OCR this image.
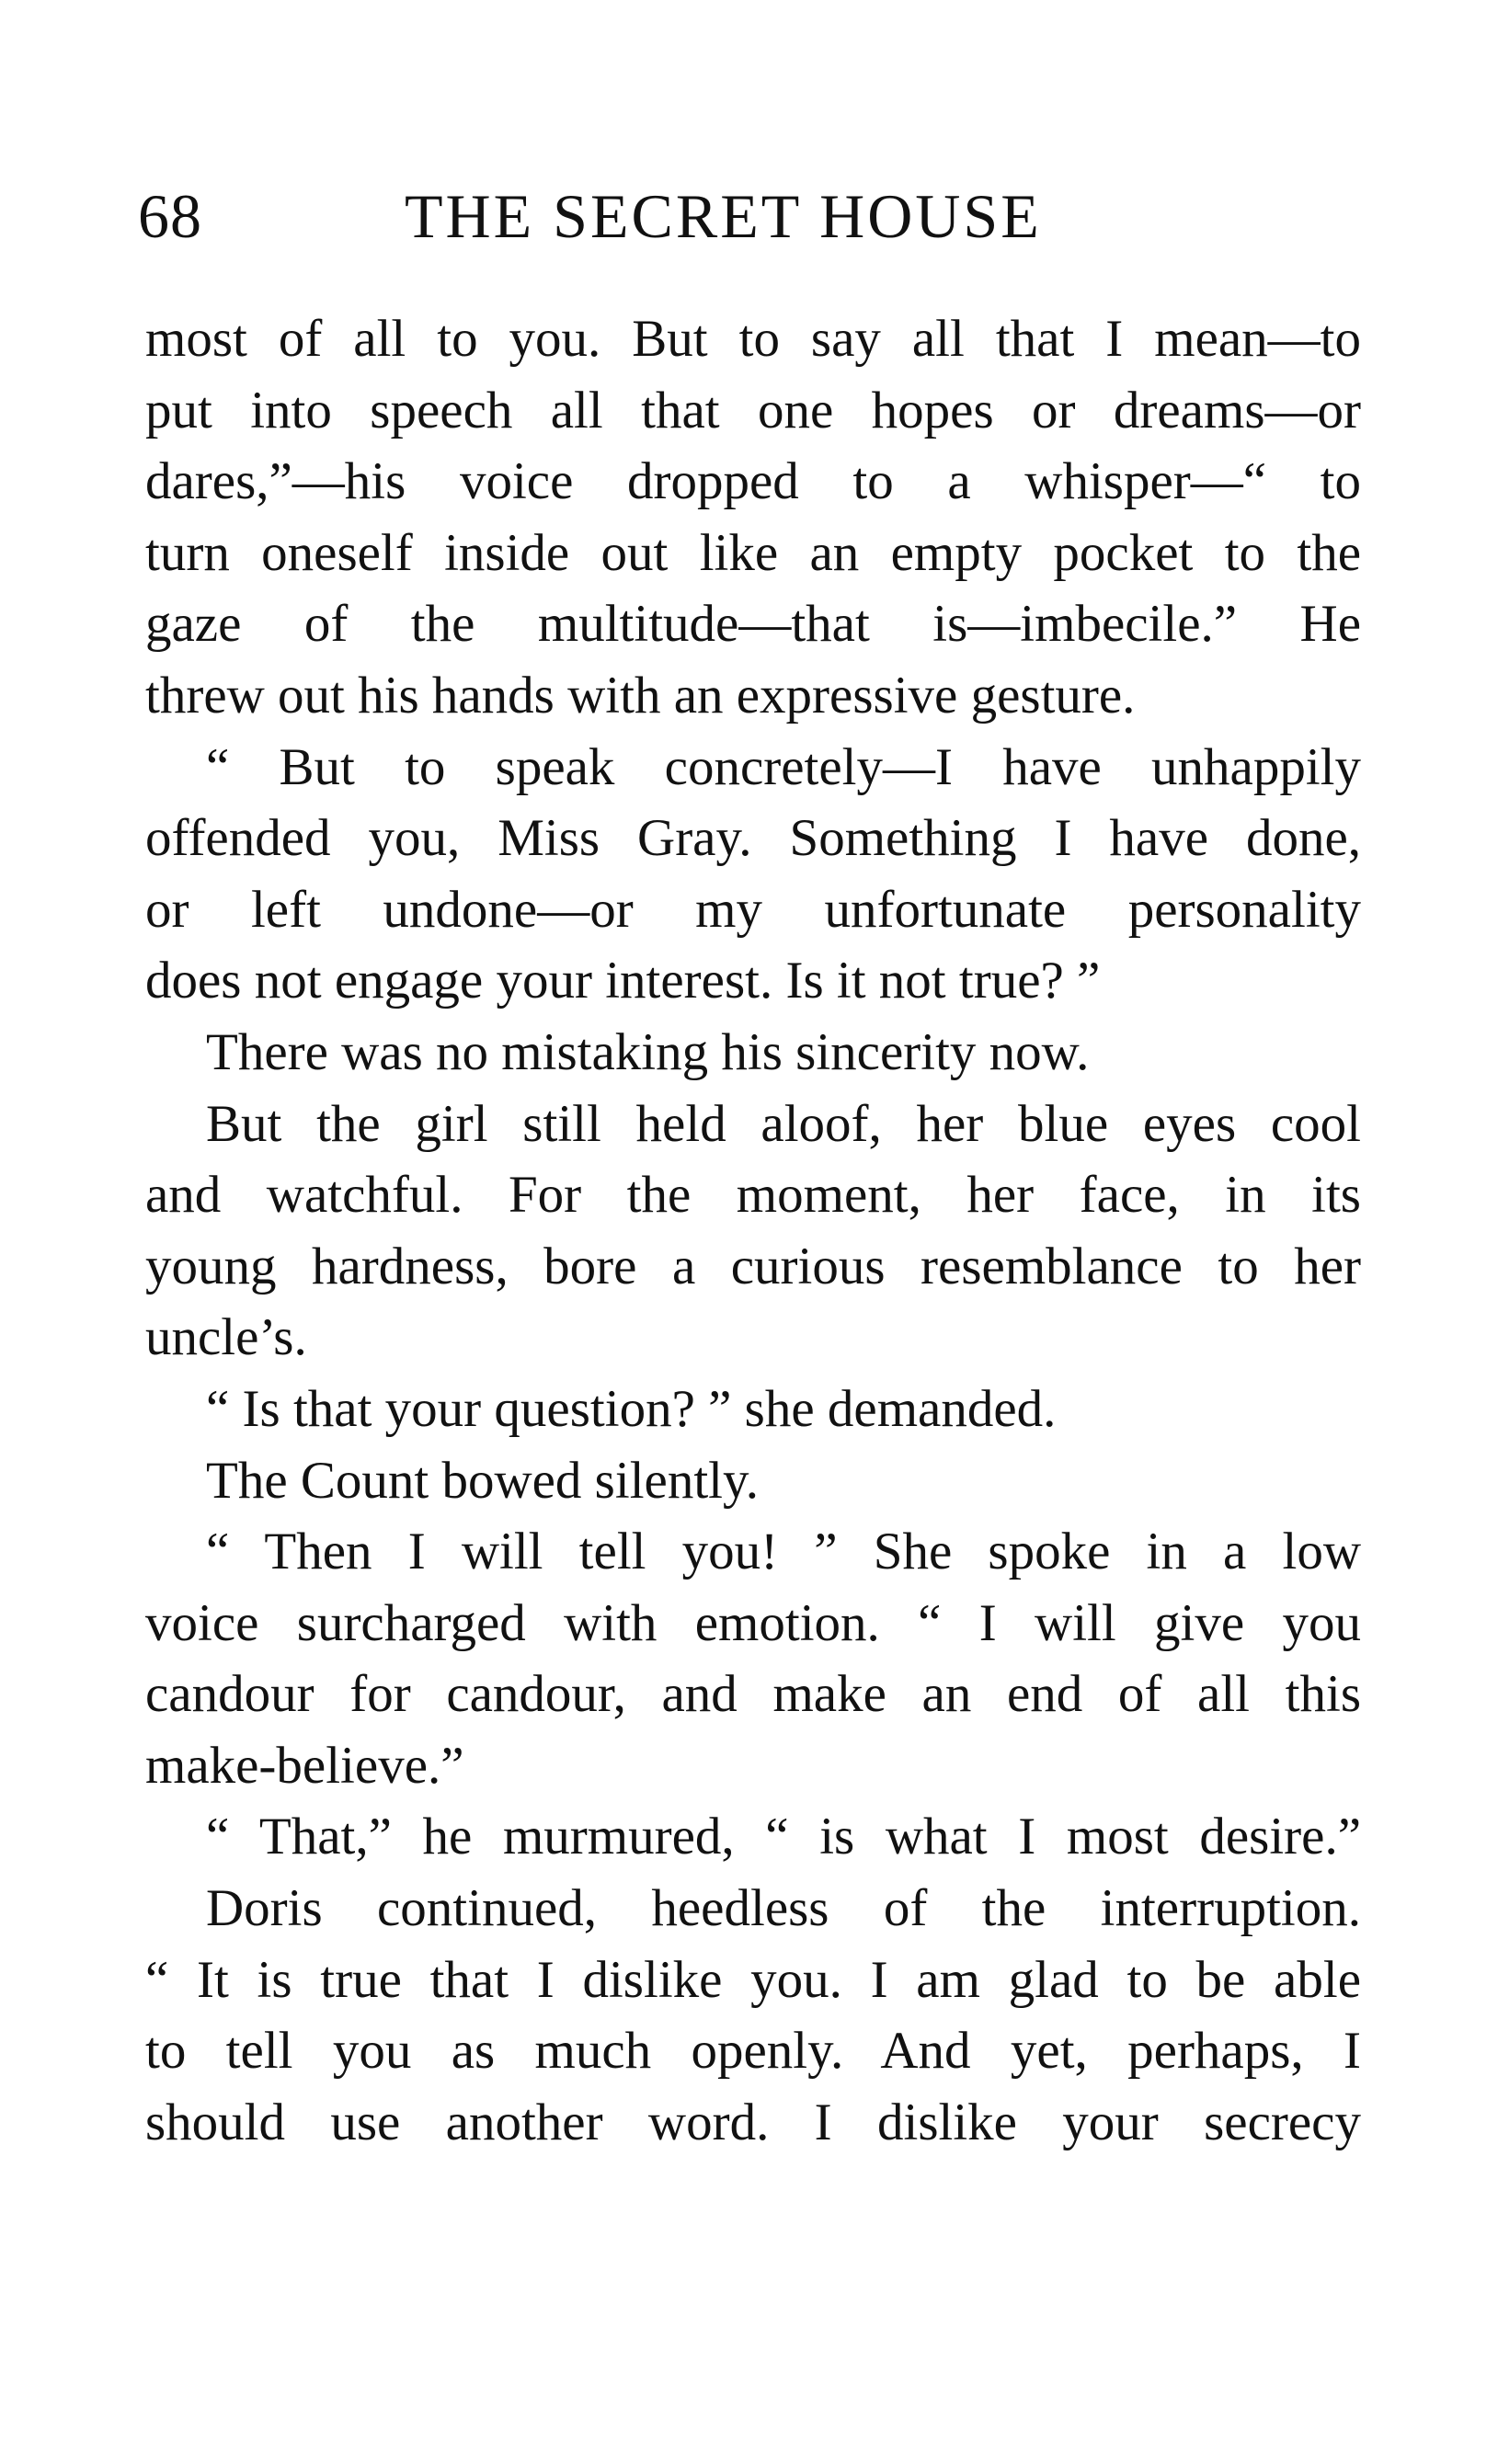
68	THE SECRET HOUSE
most of all to you. But to say all that I mean—to
put into speech all that one hopes or dreams—or
dares,”—his voice dropped to a whisper—“ to
turn oneself inside out like an empty pocket to the
gaze of the multitude—that is—imbecile.” He
threw out his hands with an expressive gesture.
“ But to speak concretely—I have unhappily
offended you, Miss Gray. Something I have done,
or left undone—or my unfortunate personality
does not engage your interest. Is it not true? ”
There was no mistaking his sincerity now.
But the girl still held aloof, her blue eyes cool
and watchful. For the moment, her face, in its
young hardness, bore a curious resemblance to her
uncle’s.
“ Is that your question? ” she demanded.
The Count bowed silently.
“ Then I will tell you! ” She spoke in a low
voice surcharged with emotion. “ I will give you
candour for candour, and make an end of all this
make-believe.”
“ That,” he murmured, “ is what I most desire.”
Doris continued, heedless of the interruption.
“ It is true that I dislike you. I am glad to be able
to tell you as much openly. And yet, perhaps, I
should use another word. I dislike your secrecy
